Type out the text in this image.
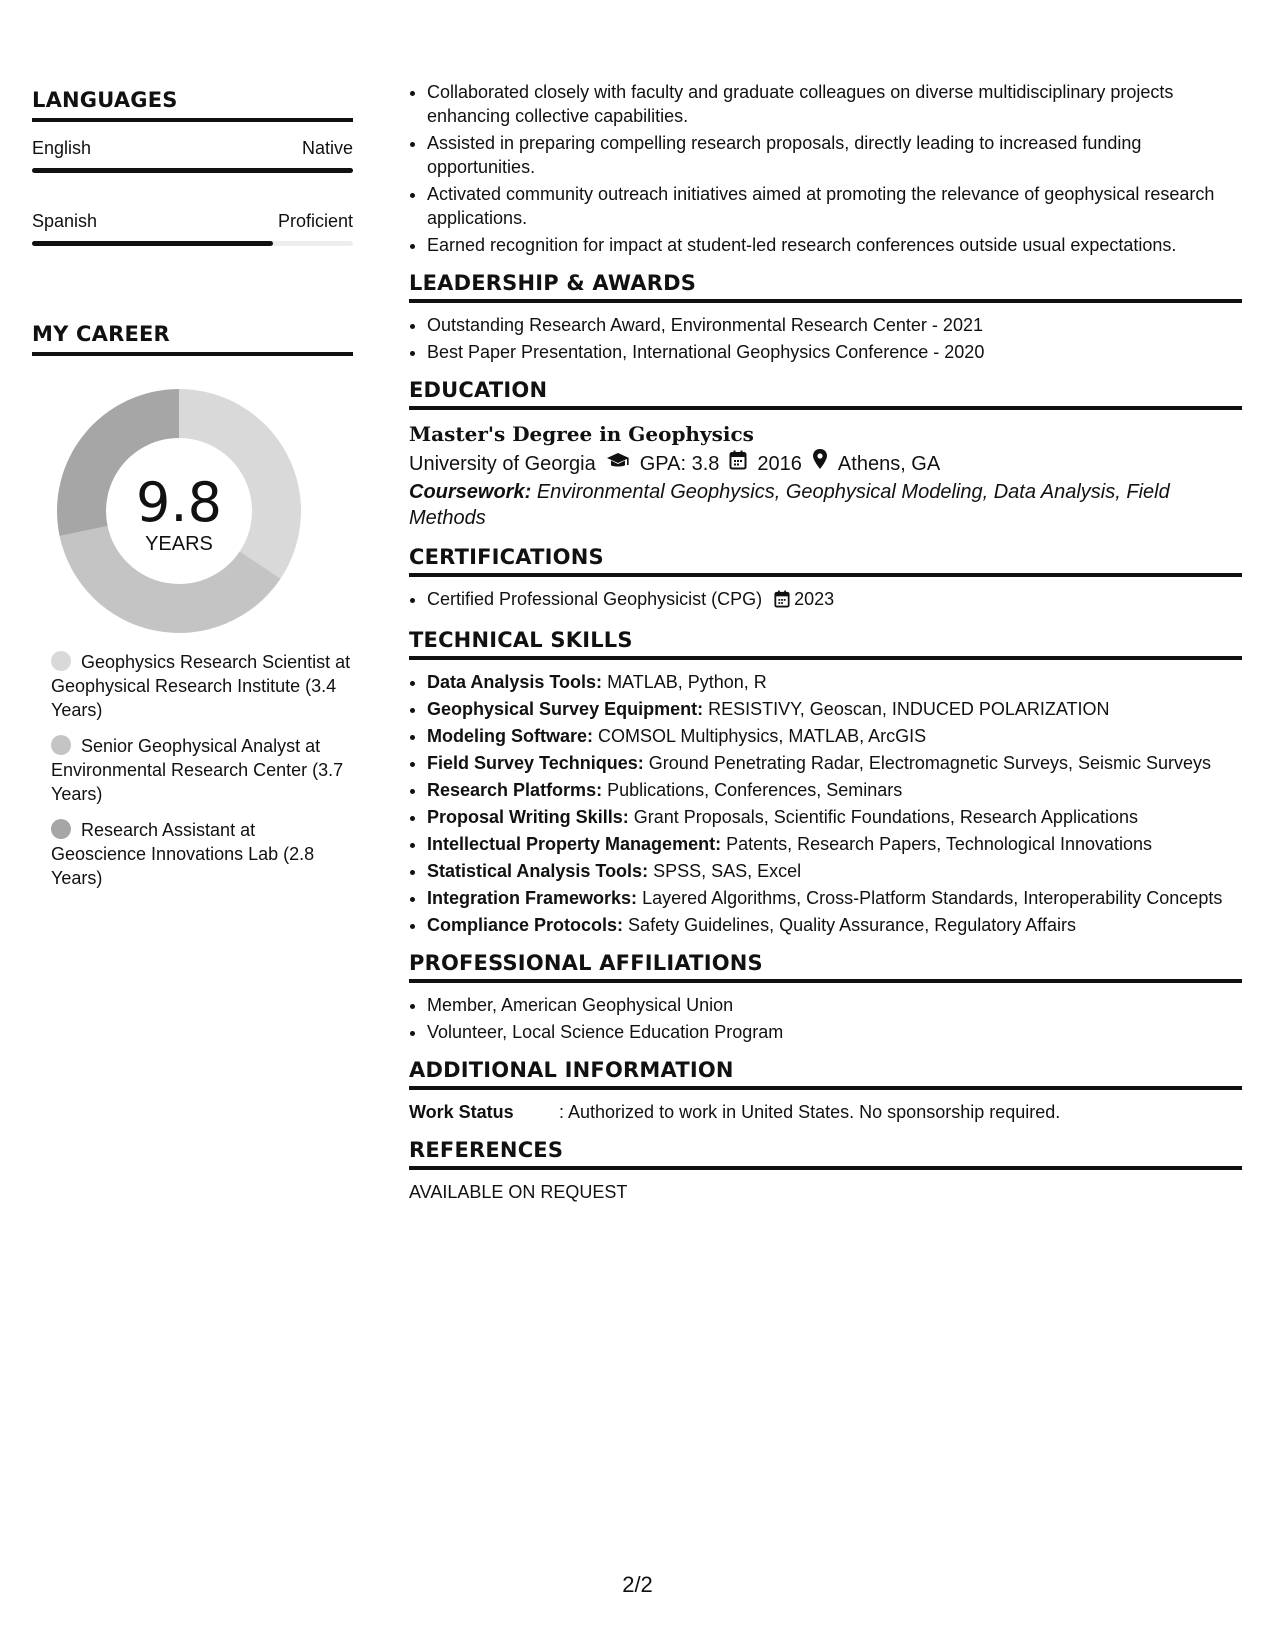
LANGUAGES
English	Native
Spanish	Proficient
MY CAREER
9.8
YEARS
Geophysics Research Scientist at Geophysical Research Institute (3.4 Years)
Senior Geophysical Analyst at Environmental Research Center (3.7 Years)
Research Assistant at Geoscience Innovations Lab (2.8 Years)
• Collaborated closely with faculty and graduate colleagues on diverse multidisciplinary projects enhancing collective capabilities.
• Assisted in preparing compelling research proposals, directly leading to increased funding opportunities.
• Activated community outreach initiatives aimed at promoting the relevance of geophysical research applications.
• Earned recognition for impact at student-led research conferences outside usual expectations.
LEADERSHIP & AWARDS
• Outstanding Research Award, Environmental Research Center - 2021
• Best Paper Presentation, International Geophysics Conference - 2020
EDUCATION
Master's Degree in Geophysics
University of Georgia GPA: 3.8 2016 Athens, GA
Coursework: Environmental Geophysics, Geophysical Modeling, Data Analysis, Field Methods
CERTIFICATIONS
• Certified Professional Geophysicist (CPG) 2023
TECHNICAL SKILLS
• Data Analysis Tools: MATLAB, Python, R
• Geophysical Survey Equipment: RESISTIVY, Geoscan, INDUCED POLARIZATION
• Modeling Software: COMSOL Multiphysics, MATLAB, ArcGIS
• Field Survey Techniques: Ground Penetrating Radar, Electromagnetic Surveys, Seismic Surveys
• Research Platforms: Publications, Conferences, Seminars
• Proposal Writing Skills: Grant Proposals, Scientific Foundations, Research Applications
• Intellectual Property Management: Patents, Research Papers, Technological Innovations
• Statistical Analysis Tools: SPSS, SAS, Excel
• Integration Frameworks: Layered Algorithms, Cross-Platform Standards, Interoperability Concepts
• Compliance Protocols: Safety Guidelines, Quality Assurance, Regulatory Affairs
PROFESSIONAL AFFILIATIONS
• Member, American Geophysical Union
• Volunteer, Local Science Education Program
ADDITIONAL INFORMATION
Work Status	: Authorized to work in United States. No sponsorship required.
REFERENCES
AVAILABLE ON REQUEST
2/2
